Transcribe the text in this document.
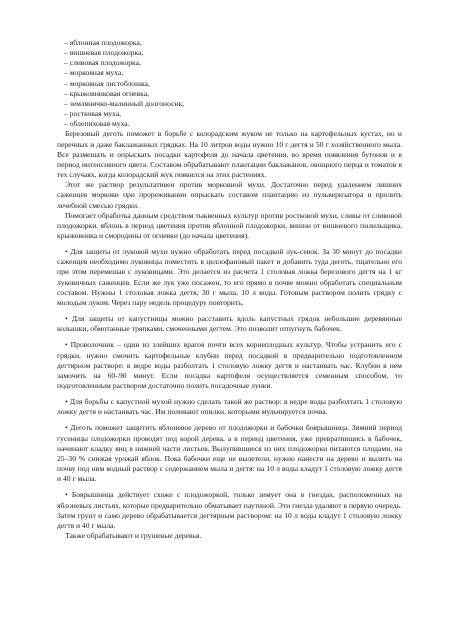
– яблонная плодожорка,
– вишневая плодожорка,
– сливовая плодожорка,
– морковная муха,
– морковная листоблошка,
– крыжовниковая огневка,
– земляничко-малинный долгоносик,
– ростковая муха,
– облепиховая муха.

Березовый деготь поможет в борьбе с колорадским жуком не только на картофельных кустах, но и перечных и даже баклажанных грядках. На 10 литров воды нужно 10 г дегтя и 50 г хозяйственного мыла. Все размешать и опрыскать посадки картофеля до начала цветения, во время появления бутонов и в период интенсивного цвета. Составом обрабатывают плантации баклажанов, овощного перца и томатов в тех случаях, когда колорадский жук появился на этих растениях.

Этот же раствор результативен против морковной мухи. Достаточно перед удалением лишних саженцев моркови при прореживании опрыскать составом плантацию из пульверизатора и пролить лечебной смесью грядки.

Помогает обработка данным средством тыквенных культур против ростковой мухи, сливы от сливовой плодожорки, яблонь в период цветения против яблонной плодожорки, вишни от вишневого пилильщика, крыжовника и смородины от огневки (до начала цветения).

• Для защиты от луковой мухи нужно обработать перед посадкой лук-севок. За 30 минут до посадки саженцев необходимо луковицы поместить в целлофановый пакет и добавить туда деготь, тщательно его при этом перемешав с луковицами. Это делается из расчета 1 столовая ложка березового дегтя на 1 кг луковичных саженцев. Если же лук уже посажен, то его прямо в почве можно обработать специальным составом. Нужны 1 столовая ложка дегтя, 30 г мыла, 10 л воды. Готовым раствором полить грядку с молодым луком. Через пару недель процедуру повторить.

• Для защиты от капустницы можно расставить вдоль капустных грядок небольшие деревянные колышки, обмотанные тряпками, смоченными дегтем. Это позволит отпугнуть бабочек.

• Проволочник – один из злейших врагов почти всех корнеплодных культур. Чтобы устранить его с грядки, нужно смочить картофельные клубни перед посадкой в предварительно подготовленном дегтярном растворе: в ведре воды разболтать 1 столовую ложку дегтя и настаивать час. Клубни в нем замочить на 60–90 минут. Если посадка картофеля осуществляется семенным способом, то подготовленным раствором достаточно полить посадочные лунки.

• Для борьбы с капустной мухой нужно сделать такой же раствор: в ведре воды разболтать 1 столовую ложку дегтя и настаивать час. Им поливают опилки, которыми мульчируется почва.

• Деготь поможет защитить яблоневое дерево от плодожорки и бабочки боярышница. Зимний период гусеницы плодожорки проводят под корой дерева, а в период цветения, уже превратившись в бабочек, начинают кладку яиц в нижней части листьев. Вылупившиеся из них плодожорки питаются плодами, на 25–30 % снижая урожай яблок. Пока бабочки еще не вылетели, нужно нанести на дерево и вылить на почву под ним водный раствор с содержанием мыла и дегтя: на 10 л воды кладут 1 столовую ложку дегтя и 40 г мыла.

• Боярышница действует схоже с плодожоркой, только зимует она в гнездах, расположенных на яблоневых листьях, которые предварительно обматывает паутиной. Эти гнезда удаляют в первую очередь. Затем грунт и само дерево обрабатывается дегтярным раствором: на 10 л воды кладут 1 столовую ложку дегтя и 40 г мыла.

Также обрабатывают и грушевые деревья.
